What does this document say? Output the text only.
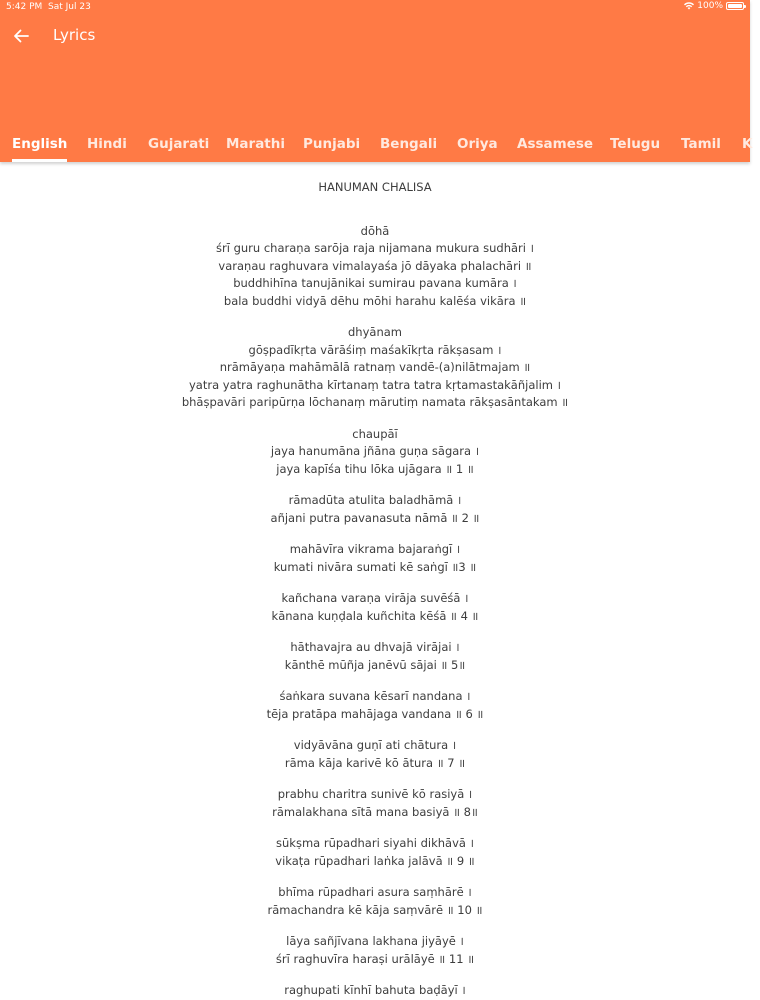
5:42 PM Sat Jul 23	100%
Lyrics
English Hindi Gujarati Marathi Punjabi Bengali Oriya Assamese Telugu Tamil K
HANUMAN CHALISA
dōhā
śrī guru charaṇa sarōja raja nijamana mukura sudhāri ।
varaṇau raghuvara vimalayaśa jō dāyaka phalachāri ॥
buddhihīna tanujānikai sumirau pavana kumāra ।
bala buddhi vidyā dēhu mōhi harahu kalēśa vikāra ॥
dhyānam
gōṣpadīkṛta vārāśiṃ maśakīkṛta rākṣasam ।
nrāmāyaṇa mahāmālā ratnaṃ vandē-(a)nilātmajam ॥
yatra yatra raghunātha kīrtanaṃ tatra tatra kṛtamastakāñjalim ।
bhāṣpavāri paripūrṇa lōchanaṃ mārutiṃ namata rākṣasāntakam ॥
chaupāī
jaya hanumāna jñāna guṇa sāgara ।
jaya kapīśa tihu lōka ujāgara ॥ 1 ॥
rāmadūta atulita baladhāmā ।
añjani putra pavanasuta nāmā ॥ 2 ॥
mahāvīra vikrama bajaraṅgī ।
kumati nivāra sumati kē saṅgī ॥3 ॥
kañchana varaṇa virāja suvēśā ।
kānana kuṇḍala kuñchita kēśā ॥ 4 ॥
hāthavajra au dhvajā virājai ।
kānthē mūñja janēvū sājai ॥ 5॥
śaṅkara suvana kēsarī nandana ।
tēja pratāpa mahājaga vandana ॥ 6 ॥
vidyāvāna guṇī ati chātura ।
rāma kāja karivē kō ātura ॥ 7 ॥
prabhu charitra sunivē kō rasiyā ।
rāmalakhana sītā mana basiyā ॥ 8॥
sūkṣma rūpadhari siyahi dikhāvā ।
vikaṭa rūpadhari laṅka jalāvā ॥ 9 ॥
bhīma rūpadhari asura saṃhārē ।
rāmachandra kē kāja saṃvārē ॥ 10 ॥
lāya sañjīvana lakhana jiyāyē ।
śrī raghuvīra haraṣi urālāyē ॥ 11 ॥
raghupati kīnhī bahuta baḍāyī ।
